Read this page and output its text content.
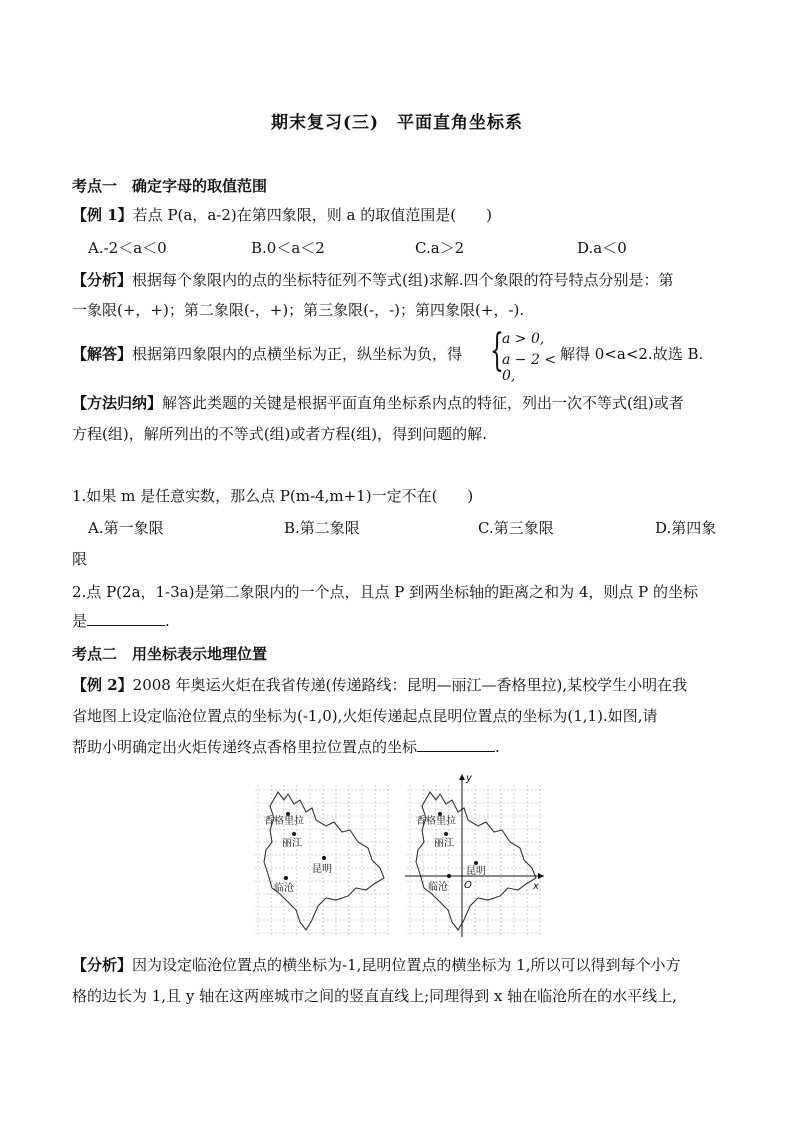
期末复习(三)　平面直角坐标系
考点一　确定字母的取值范围
【例 1】若点 P(a，a-2)在第四象限，则 a 的取值范围是(　　)
A.-2＜a＜0	B.0＜a＜2	C.a＞2	D.a＜0
【分析】根据每个象限内的点的坐标特征列不等式(组)求解.四个象限的符号特点分别是：第
一象限(+，+)；第二象限(-，+)；第三象限(-，-)；第四象限(+，-).
【解答】根据第四象限内的点横坐标为正，纵坐标为负，得 {
a > 0,
a − 2 < 0,
解得 0<a<2.故选 B.
【方法归纳】解答此类题的关键是根据平面直角坐标系内点的特征，列出一次不等式(组)或者
方程(组)，解所列出的不等式(组)或者方程(组)，得到问题的解.
1.如果 m 是任意实数，那么点 P(m-4,m+1)一定不在(　　)
A.第一象限	B.第二象限	C.第三象限	D.第四象
限
2.点 P(2a，1-3a)是第二象限内的一个点，且点 P 到两坐标轴的距离之和为 4，则点 P 的坐标
是	.
考点二　用坐标表示地理位置
【例 2】2008 年奥运火炬在我省传递(传递路线：昆明—丽江—香格里拉),某校学生小明在我
省地图上设定临沧位置点的坐标为(-1,0),火炬传递起点昆明位置点的坐标为(1,1).如图,请
帮助小明确定出火炬传递终点香格里拉位置点的坐标	.
香格里拉
丽江
昆明
临沧
香格里拉
丽江
昆明
临沧 O	x
y
【分析】因为设定临沧位置点的横坐标为-1,昆明位置点的横坐标为 1,所以可以得到每个小方
格的边长为 1,且 y 轴在这两座城市之间的竖直直线上;同理得到 x 轴在临沧所在的水平线上,
